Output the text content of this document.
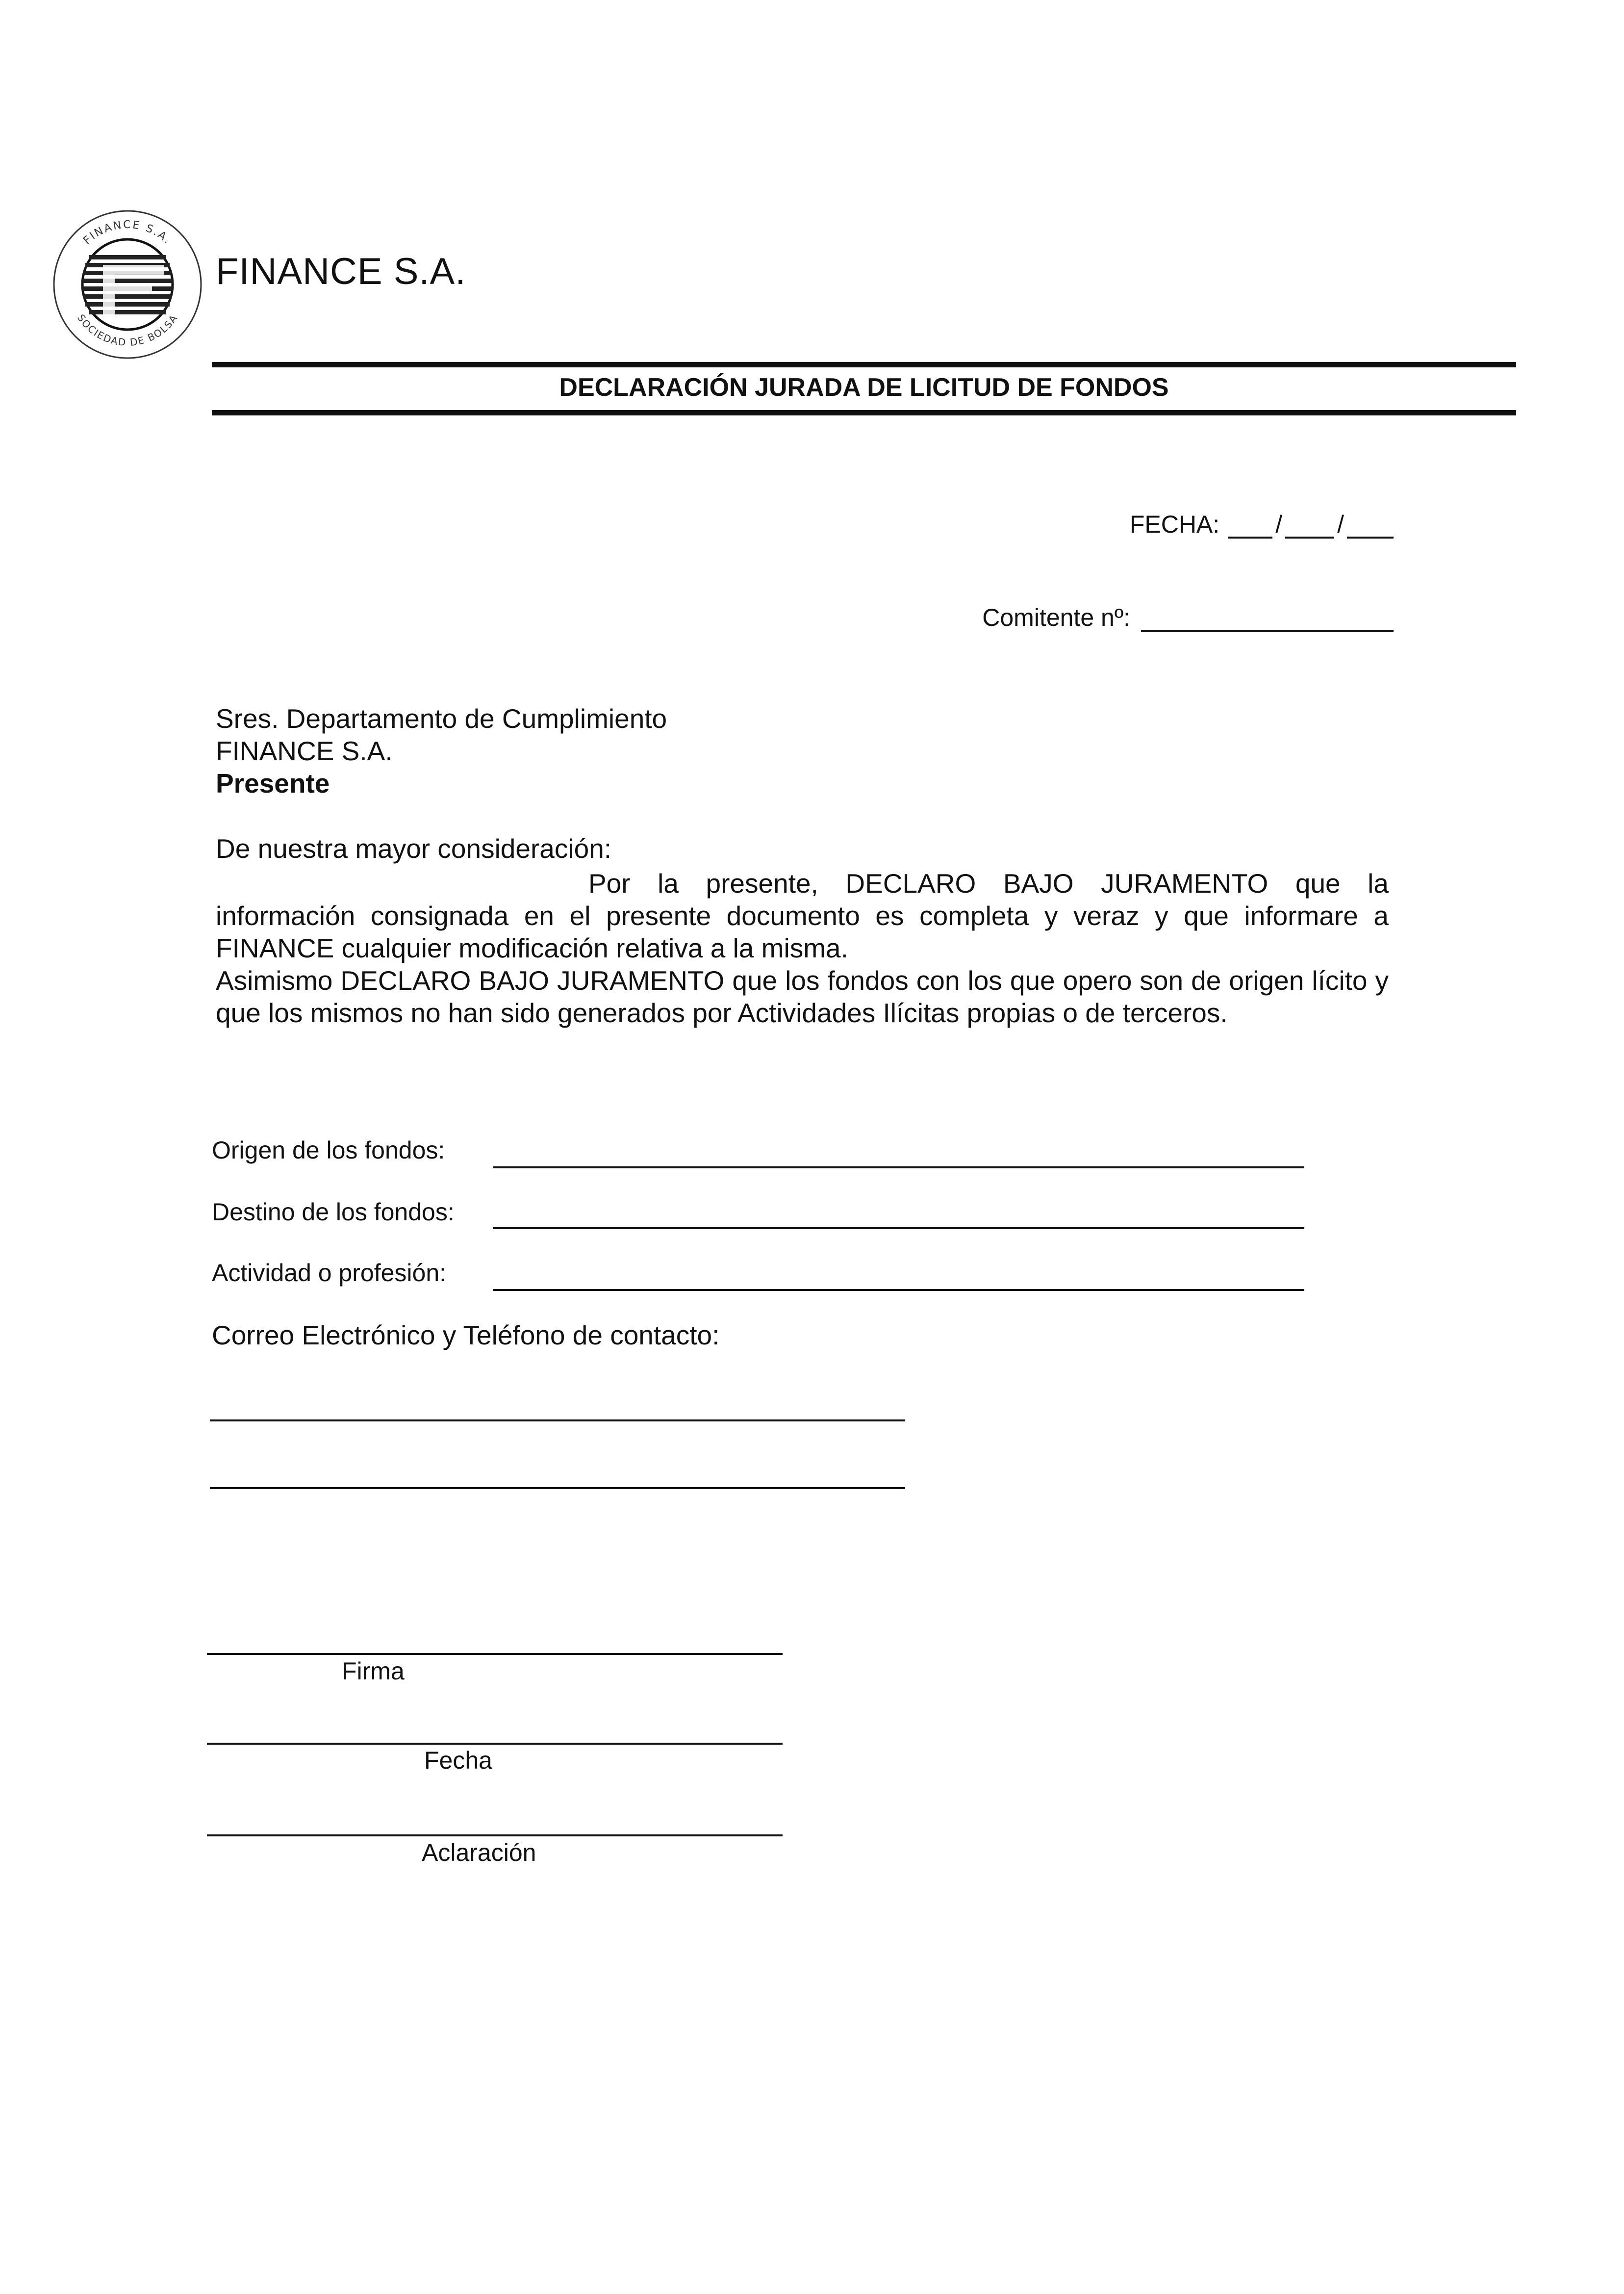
FINANCE S.A.
SOCIEDAD DE BOLSA
FINANCE S.A.
DECLARACIÓN JURADA DE LICITUD DE FONDOS
FECHA: / /
Comitente nº:
Sres. Departamento de Cumplimiento
FINANCE S.A.
Presente
De nuestra mayor consideración:

Por la presente, DECLARO BAJO JURAMENTO que la información consignada en el presente documento es completa y veraz y que informare a FINANCE cualquier modificación relativa a la misma.

Asimismo DECLARO BAJO JURAMENTO que los fondos con los que opero son de origen lícito y que los mismos no han sido generados por Actividades Ilícitas propias o de terceros.

Origen de los fondos:
Destino de los fondos:
Actividad o profesión:
Correo Electrónico y Teléfono de contacto:
Firma
Fecha
Aclaración
